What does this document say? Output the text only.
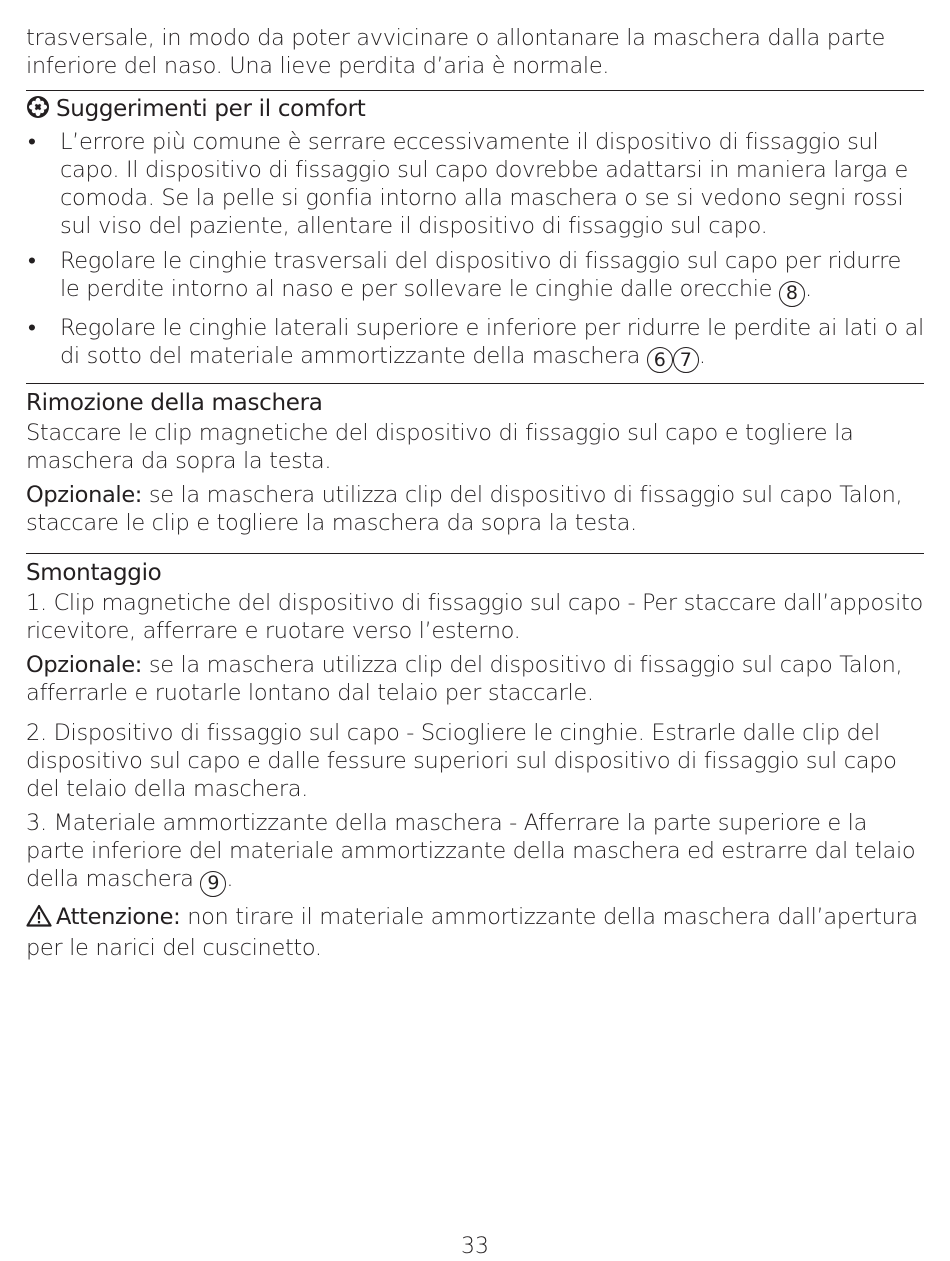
trasversale, in modo da poter avvicinare o allontanare la maschera dalla parte inferiore del naso. Una lieve perdita d’aria è normale.

Suggerimenti per il comfort
• L’errore più comune è serrare eccessivamente il dispositivo di fissaggio sul capo. Il dispositivo di fissaggio sul capo dovrebbe adattarsi in maniera larga e comoda. Se la pelle si gonfia intorno alla maschera o se si vedono segni rossi sul viso del paziente, allentare il dispositivo di fissaggio sul capo.
• Regolare le cinghie trasversali del dispositivo di fissaggio sul capo per ridurre le perdite intorno al naso e per sollevare le cinghie dalle orecchie 8 .
• Regolare le cinghie laterali superiore e inferiore per ridurre le perdite ai lati o al di sotto del materiale ammortizzante della maschera 6 7 .
Rimozione della maschera

Staccare le clip magnetiche del dispositivo di fissaggio sul capo e togliere la maschera da sopra la testa.

Opzionale: se la maschera utilizza clip del dispositivo di fissaggio sul capo Talon, staccare le clip e togliere la maschera da sopra la testa.

Smontaggio

1. Clip magnetiche del dispositivo di fissaggio sul capo - Per staccare dall’apposito ricevitore, afferrare e ruotare verso l’esterno.

Opzionale: se la maschera utilizza clip del dispositivo di fissaggio sul capo Talon, afferrarle e ruotarle lontano dal telaio per staccarle.

2. Dispositivo di fissaggio sul capo - Sciogliere le cinghie. Estrarle dalle clip del dispositivo sul capo e dalle fessure superiori sul dispositivo di fissaggio sul capo del telaio della maschera.

3. Materiale ammortizzante della maschera - Afferrare la parte superiore e la parte inferiore del materiale ammortizzante della maschera ed estrarre dal telaio della maschera 9 .

Attenzione: non tirare il materiale ammortizzante della maschera dall’apertura per le narici del cuscinetto.

33
